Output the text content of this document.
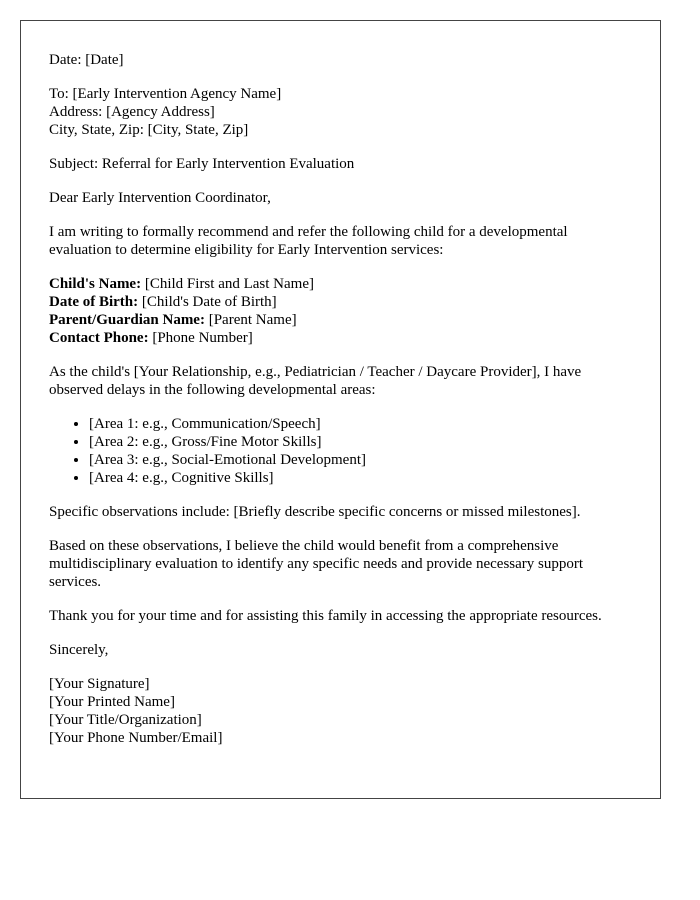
Date: [Date]

To: [Early Intervention Agency Name]
Address: [Agency Address]
City, State, Zip: [City, State, Zip]

Subject: Referral for Early Intervention Evaluation

Dear Early Intervention Coordinator,

I am writing to formally recommend and refer the following child for a developmental evaluation to determine eligibility for Early Intervention services:

Child's Name: [Child First and Last Name]
Date of Birth: [Child's Date of Birth]
Parent/Guardian Name: [Parent Name]
Contact Phone: [Phone Number]

As the child's [Your Relationship, e.g., Pediatrician / Teacher / Daycare Provider], I have observed delays in the following developmental areas:

• [Area 1: e.g., Communication/Speech]
• [Area 2: e.g., Gross/Fine Motor Skills]
• [Area 3: e.g., Social-Emotional Development]
• [Area 4: e.g., Cognitive Skills]

Specific observations include: [Briefly describe specific concerns or missed milestones].

Based on these observations, I believe the child would benefit from a comprehensive multidisciplinary evaluation to identify any specific needs and provide necessary support services.

Thank you for your time and for assisting this family in accessing the appropriate resources.

Sincerely,

[Your Signature]
[Your Printed Name]
[Your Title/Organization]
[Your Phone Number/Email]
